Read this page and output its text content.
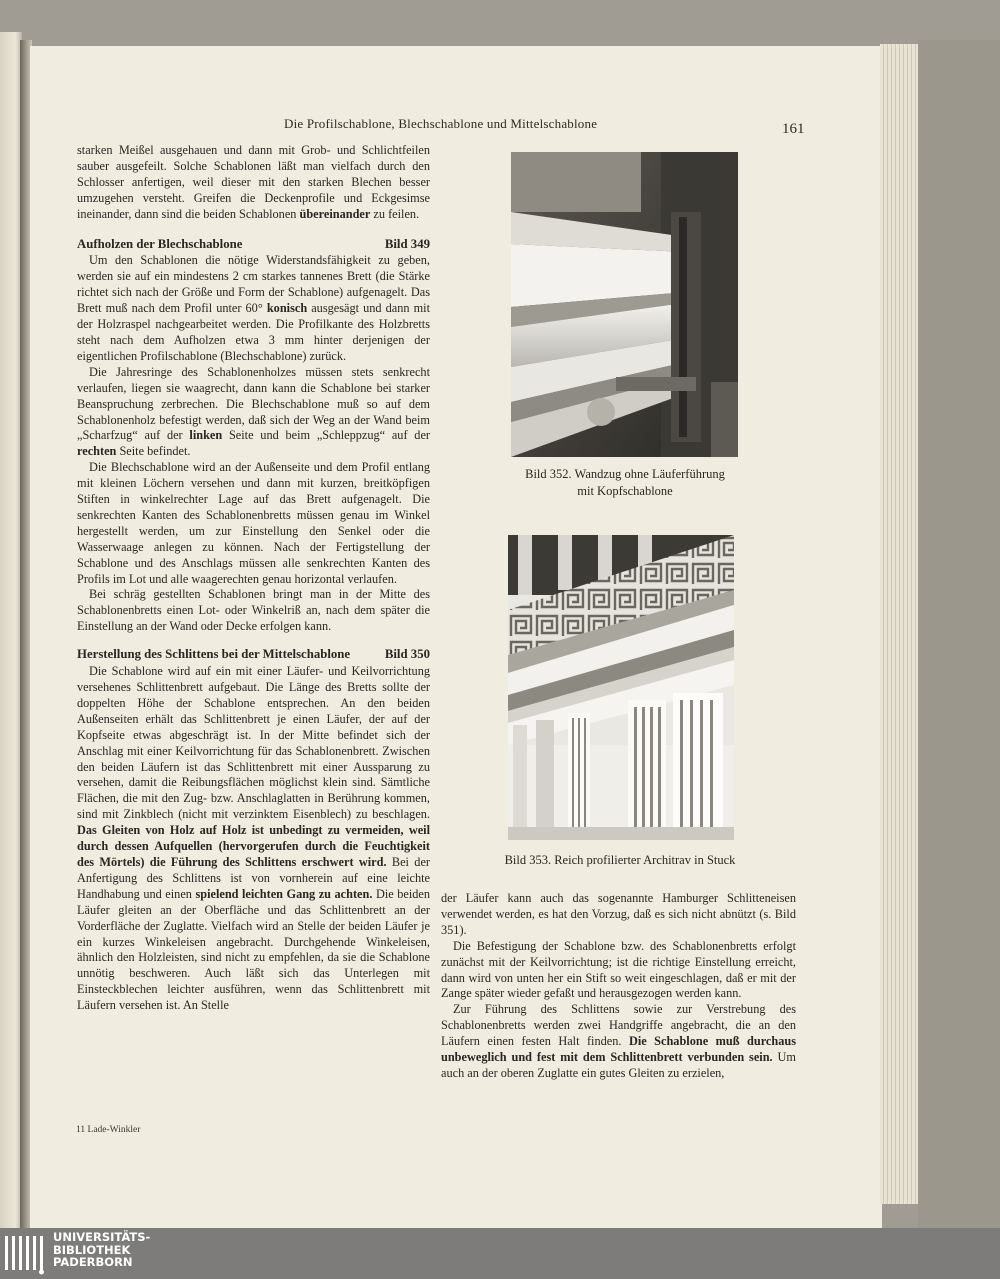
Die Profilschablone, Blechschablone und Mittelschablone	161

starken Meißel ausgehauen und dann mit Grob- und Schlichtfeilen sauber ausgefeilt. Solche Schablonen läßt man vielfach durch den Schlosser anfertigen, weil dieser mit den starken Blechen besser umzugehen versteht. Greifen die Deckenprofile und Eckgesimse ineinander, dann sind die beiden Schablonen übereinander zu feilen.

Aufholzen der Blechschablone	Bild 349

Um den Schablonen die nötige Widerstandsfähigkeit zu geben, werden sie auf ein mindestens 2 cm starkes tannenes Brett (die Stärke richtet sich nach der Größe und Form der Schablone) aufgenagelt. Das Brett muß nach dem Profil unter 60° konisch ausgesägt und dann mit der Holzraspel nachgearbeitet werden. Die Profilkante des Holzbretts steht nach dem Aufholzen etwa 3 mm hinter derjenigen der eigentlichen Profilschablone (Blechschablone) zurück.

Die Jahresringe des Schablonenholzes müssen stets senkrecht verlaufen, liegen sie waagrecht, dann kann die Schablone bei starker Beanspruchung zerbrechen. Die Blechschablone muß so auf dem Schablonenholz befestigt werden, daß sich der Weg an der Wand beim „Scharfzug“ auf der linken Seite und beim „Schleppzug“ auf der rechten Seite befindet.

Die Blechschablone wird an der Außenseite und dem Profil entlang mit kleinen Löchern versehen und dann mit kurzen, breitköpfigen Stiften in winkelrechter Lage auf das Brett aufgenagelt. Die senkrechten Kanten des Schablonenbretts müssen genau im Winkel hergestellt werden, um zur Einstellung den Senkel oder die Wasserwaage anlegen zu können. Nach der Fertigstellung der Schablone und des Anschlags müssen alle senkrechten Kanten des Profils im Lot und alle waagerechten genau horizontal verlaufen.

Bei schräg gestellten Schablonen bringt man in der Mitte des Schablonenbretts einen Lot- oder Winkelriß an, nach dem später die Einstellung an der Wand oder Decke erfolgen kann.

Herstellung des Schlittens bei der Mittelschablone	Bild 350

Die Schablone wird auf ein mit einer Läufer- und Keilvorrichtung versehenes Schlittenbrett aufgebaut. Die Länge des Bretts sollte der doppelten Höhe der Schablone entsprechen. An den beiden Außenseiten erhält das Schlittenbrett je einen Läufer, der auf der Kopfseite etwas abgeschrägt ist. In der Mitte befindet sich der Anschlag mit einer Keilvorrichtung für das Schablonenbrett. Zwischen den beiden Läufern ist das Schlittenbrett mit einer Aussparung zu versehen, damit die Reibungsflächen möglichst klein sind. Sämtliche Flächen, die mit den Zug- bzw. Anschlaglatten in Berührung kommen, sind mit Zinkblech (nicht mit verzinktem Eisenblech) zu beschlagen. Das Gleiten von Holz auf Holz ist unbedingt zu vermeiden, weil durch dessen Aufquellen (hervorgerufen durch die Feuchtigkeit des Mörtels) die Führung des Schlittens erschwert wird. Bei der Anfertigung des Schlittens ist von vornherein auf eine leichte Handhabung und einen spielend leichten Gang zu achten. Die beiden Läufer gleiten an der Oberfläche und das Schlittenbrett an der Vorderfläche der Zuglatte. Vielfach wird an Stelle der beiden Läufer je ein kurzes Winkeleisen angebracht. Durchgehende Winkeleisen, ähnlich den Holzleisten, sind nicht zu empfehlen, da sie die Schablone unnötig beschweren. Auch läßt sich das Unterlegen mit Einsteckblechen leichter ausführen, wenn das Schlittenbrett mit Läufern versehen ist. An Stelle

Bild 352. Wandzug ohne Läuferführung
mit Kopfschablone
Bild 353. Reich profilierter Architrav in Stuck

der Läufer kann auch das sogenannte Hamburger Schlitteneisen verwendet werden, es hat den Vorzug, daß es sich nicht abnützt (s. Bild 351).

Die Befestigung der Schablone bzw. des Schablonenbretts erfolgt zunächst mit der Keilvorrichtung; ist die richtige Einstellung erreicht, dann wird von unten her ein Stift so weit eingeschlagen, daß er mit der Zange später wieder gefaßt und herausgezogen werden kann.

Zur Führung des Schlittens sowie zur Verstrebung des Schablonenbretts werden zwei Handgriffe angebracht, die an den Läufern einen festen Halt finden. Die Schablone muß durchaus unbeweglich und fest mit dem Schlittenbrett verbunden sein. Um auch an der oberen Zuglatte ein gutes Gleiten zu erzielen,

11 Lade-Winkler
UNIVERSITÄTS-
BIBLIOTHEK
PADERBORN
